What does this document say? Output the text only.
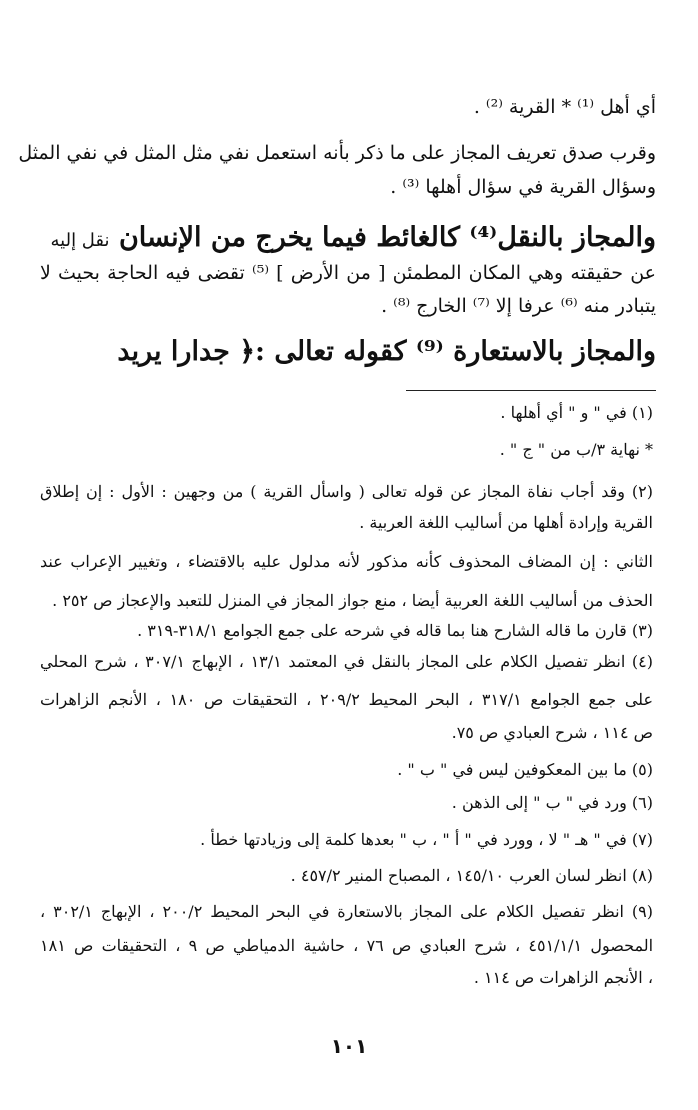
أي أهل ⁽¹⁾ * القرية ⁽²⁾ .
وقرب صدق تعريف المجاز على ما ذكر بأنه استعمل نفي مثل المثل في نفي المثل
وسؤال القرية في سؤال أهلها ⁽³⁾ .
والمجاز بالنقل⁽⁴⁾ كالغائط فيما يخرج من الإنسان نقل إليه
عن حقيقته وهي المكان المطمئن [ من الأرض ] ⁽⁵⁾ تقضى فيه الحاجة بحيث لا
يتبادر منه ⁽⁶⁾ عرفا إلا ⁽⁷⁾ الخارج ⁽⁸⁾ .
والمجاز بالاستعارة ⁽⁹⁾ كقوله تعالى :﴿ جدارا يريد
(١) في " و " أي أهلها .
* نهاية ٣/ب من " ج " .
(٢) وقد أجاب نفاة المجاز عن قوله تعالى ( واسأل القرية ) من وجهين : الأول : إن إطلاق
القرية وإرادة أهلها من أساليب اللغة العربية .
الثاني : إن المضاف المحذوف كأنه مذكور لأنه مدلول عليه بالاقتضاء ، وتغيير الإعراب عند
الحذف من أساليب اللغة العربية أيضا ، منع جواز المجاز في المنزل للتعبد والإعجاز ص ٢٥٢ .
(٣) قارن ما قاله الشارح هنا بما قاله في شرحه على جمع الجوامع ٣١٨/١-٣١٩ .
(٤) انظر تفصيل الكلام على المجاز بالنقل في المعتمد ١٣/١ ، الإبهاج ٣٠٧/١ ، شرح المحلي
على جمع الجوامع ٣١٧/١ ، البحر المحيط ٢٠٩/٢ ، التحقيقات ص ١٨٠ ، الأنجم الزاهرات
ص ١١٤ ، شرح العبادي ص ٧٥.
(٥) ما بين المعكوفين ليس في " ب " .
(٦) ورد في " ب " إلى الذهن .
(٧) في " هـ " لا ، وورد في " أ " ، ب " بعدها كلمة إلى وزيادتها خطأ .
(٨) انظر لسان العرب ١٤٥/١٠ ، المصباح المنير ٤٥٧/٢ .
(٩) انظر تفصيل الكلام على المجاز بالاستعارة في البحر المحيط ٢٠٠/٢ ، الإبهاج ٣٠٢/١ ،
المحصول ٤٥١/١/١ ، شرح العبادي ص ٧٦ ، حاشية الدمياطي ص ٩ ، التحقيقات ص ١٨١
، الأنجم الزاهرات ص ١١٤ .
١٠١
